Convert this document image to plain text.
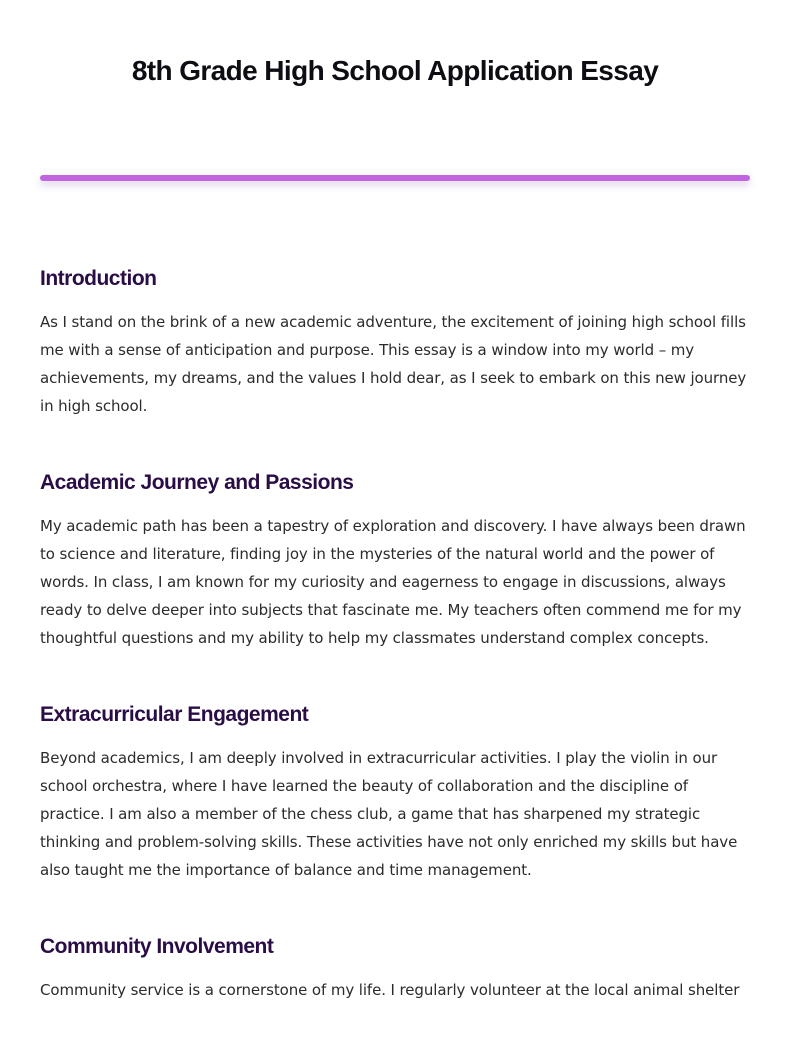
8th Grade High School Application Essay
Introduction

As I stand on the brink of a new academic adventure, the excitement of joining high school fills me with a sense of anticipation and purpose. This essay is a window into my world – my achievements, my dreams, and the values I hold dear, as I seek to embark on this new journey in high school.

Academic Journey and Passions

My academic path has been a tapestry of exploration and discovery. I have always been drawn to science and literature, finding joy in the mysteries of the natural world and the power of words. In class, I am known for my curiosity and eagerness to engage in discussions, always ready to delve deeper into subjects that fascinate me. My teachers often commend me for my thoughtful questions and my ability to help my classmates understand complex concepts.

Extracurricular Engagement

Beyond academics, I am deeply involved in extracurricular activities. I play the violin in our school orchestra, where I have learned the beauty of collaboration and the discipline of practice. I am also a member of the chess club, a game that has sharpened my strategic thinking and problem-solving skills. These activities have not only enriched my skills but have also taught me the importance of balance and time management.

Community Involvement

Community service is a cornerstone of my life. I regularly volunteer at the local animal shelter
